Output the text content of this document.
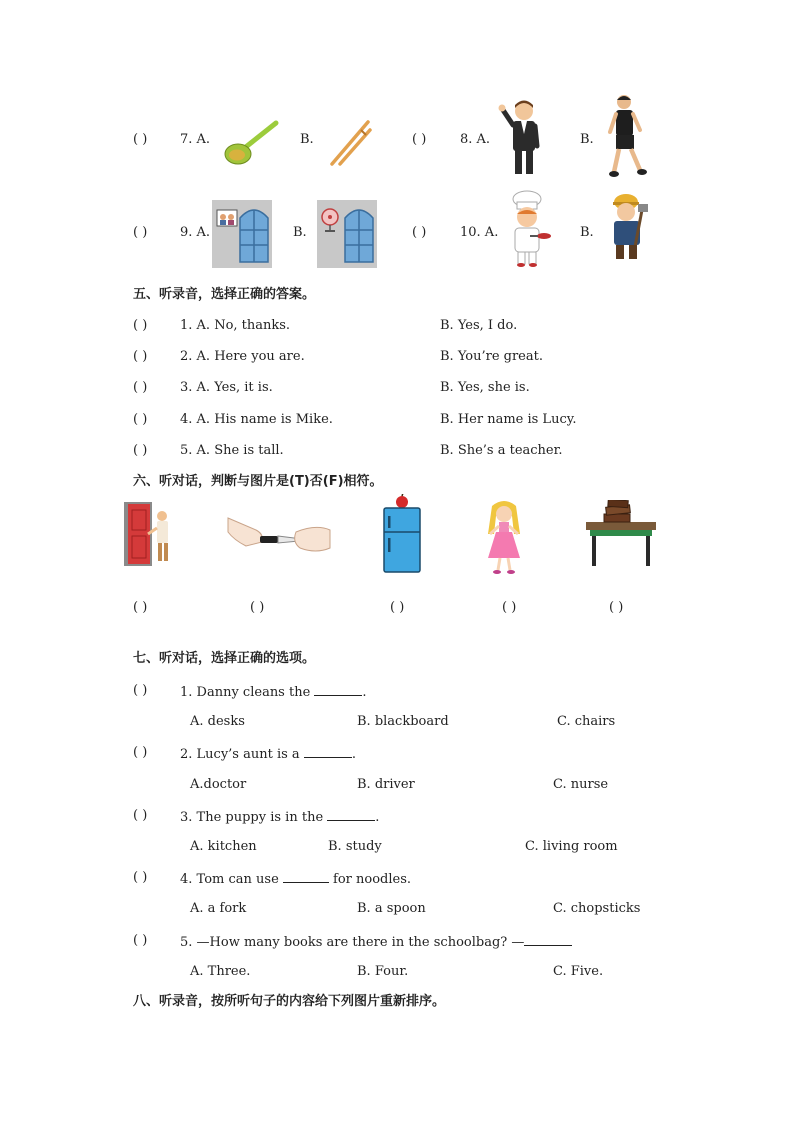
( )	7. A.	B.	( )	8. A.	B.
( )	9. A.	B.	( )	10. A.	B.
五、听录音，选择正确的答案。
( )	1. A. No, thanks.	B. Yes, I do.
( )	2. A. Here you are.	B. You’re great.
( )	3. A. Yes, it is.	B. Yes, she is.
( )	4. A. His name is Mike.	B. Her name is Lucy.
( )	5. A. She is tall.	B. She’s a teacher.
六、听对话，判断与图片是(T)否(F)相符。
( )	( )	( )	( )	( )
七、听对话，选择正确的选项。
( )	1. Danny cleans the	.
A. desks	B. blackboard	C. chairs
( )	2. Lucy’s aunt is a	.
A.doctor	B. driver	C. nurse
( )	3. The puppy is in the	.
A. kitchen	B. study	C. living room
( )	4. Tom can use	for noodles.
A. a fork	B. a spoon	C. chopsticks
( )	5. —How many books are there in the schoolbag? —
A. Three.	B. Four.	C. Five.
八、听录音，按所听句子的内容给下列图片重新排序。
